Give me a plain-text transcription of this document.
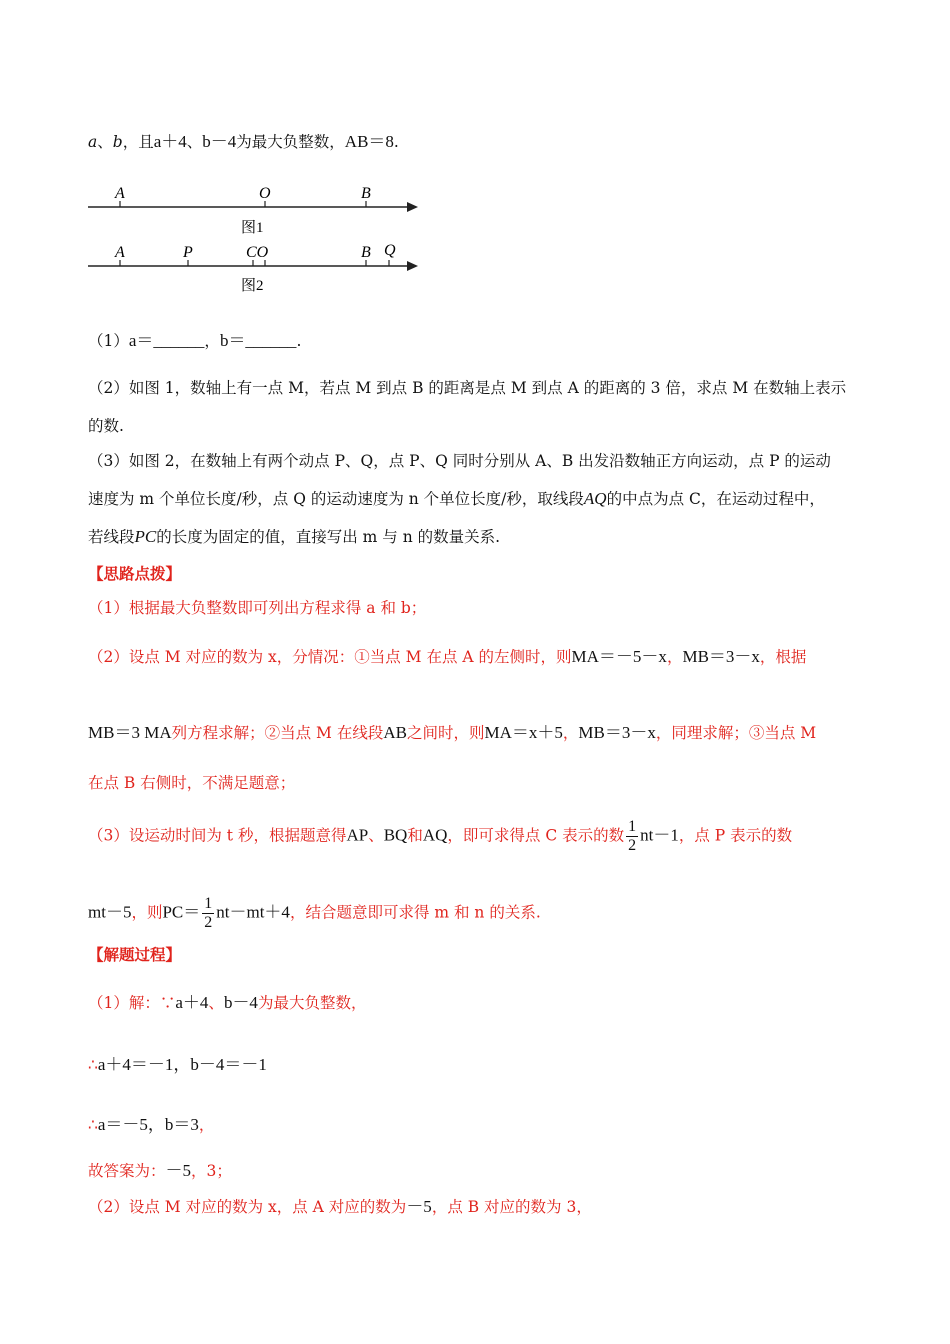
a、b，且a＋4、b－4为最大负整数，AB＝8.
A	O	B
图1
A	P	CO	B Q
图2
（1）a＝______，b＝______.
（2）如图 1，数轴上有一点 M，若点 M 到点 B 的距离是点 M 到点 A 的距离的 3 倍，求点 M 在数轴上表示
的数.
（3）如图 2，在数轴上有两个动点 P、Q，点 P、Q 同时分别从 A、B 出发沿数轴正方向运动，点 P 的运动
速度为 m 个单位长度/秒，点 Q 的运动速度为 n 个单位长度/秒，取线段AQ的中点为点 C，在运动过程中，
若线段PC的长度为固定的值，直接写出 m 与 n 的数量关系.
【思路点拨】
（1）根据最大负整数即可列出方程求得 a 和 b；
（2）设点 M 对应的数为 x，分情况：①当点 M 在点 A 的左侧时，则MA＝－5－x，MB＝3－x，根据
MB＝3 MA列方程求解；②当点 M 在线段AB之间时，则MA＝x＋5，MB＝3－x，同理求解；③当点 M
在点 B 右侧时，不满足题意；
（3）设运动时间为 t 秒，根据题意得AP、BQ和AQ，即可求得点 C 表示的数 $\frac{1}{2} nt-1$，点 P 表示的数
mt－5，则$PC= \frac{1}{2} nt-mt+4$，结合题意即可求得 m 和 n 的关系.
【解题过程】
（1）解：∵a＋4、b－4为最大负整数，
∴a＋4＝－1，b－4＝－1
∴a＝－5，b＝3，
故答案为：－5，3；
（2）设点 M 对应的数为 x，点 A 对应的数为－5，点 B 对应的数为 3，
